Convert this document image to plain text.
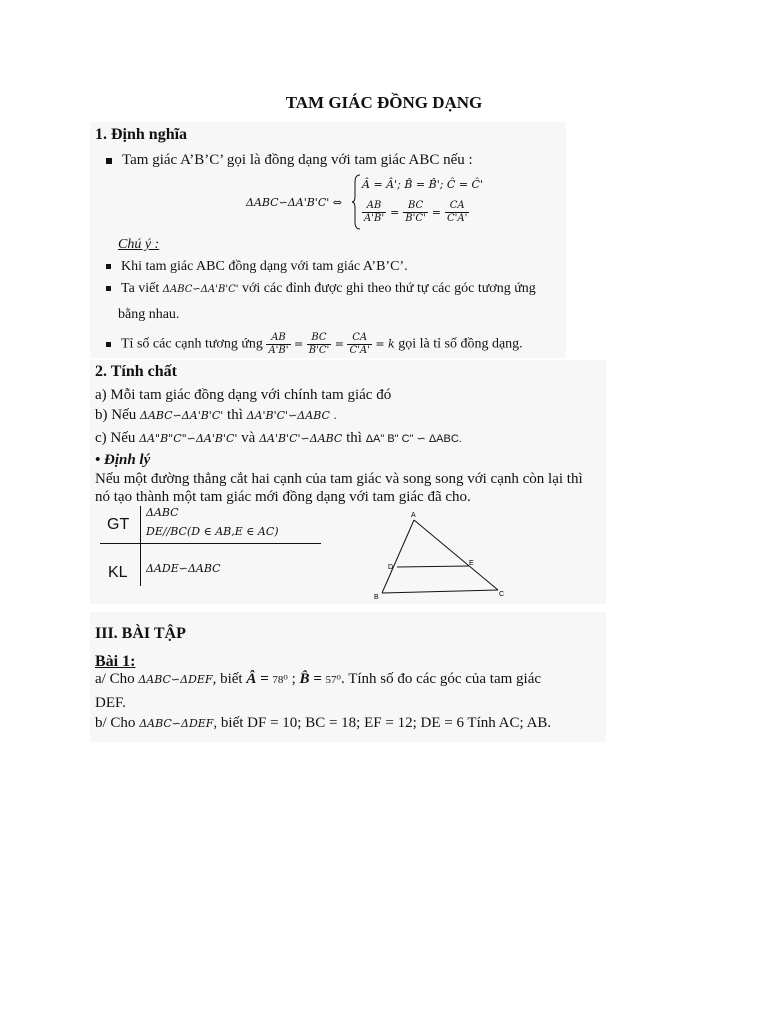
TAM GIÁC ĐỒNG DẠNG
1. Định nghĩa
Tam giác A’B’C’ gọi là đồng dạng với tam giác ABC nếu :
ΔABC∽ΔA'B'C' ⇔
Â = Â'; B̂ = B̂'; Ĉ = Ĉ'
$\frac{AB}{A'B'} = \frac{BC}{B'C'} = \frac{CA}{C'A'}$
Chú ý :
Khi tam giác ABC đồng dạng với tam giác A’B’C’.
Ta viết ΔABC∽ΔA'B'C' với các đỉnh được ghi theo thứ tự các góc tương ứng
bằng nhau.
Tỉ số các cạnh tương ứng $\frac{AB}{A'B'} = \frac{BC}{B'C'} = \frac{CA}{C'A'} = k$ gọi là tỉ số đồng dạng.
2. Tính chất
a) Mỗi tam giác đồng dạng với chính tam giác đó
b) Nếu ΔABC∽ΔA'B'C' thì ΔA'B'C'∽ΔABC .
c) Nếu ΔA"B"C"∽ΔA'B'C' và ΔA'B'C'∽ΔABC thì ΔA" B" C" ∽ ΔABC.
• Định lý
Nếu một đường thẳng cắt hai cạnh của tam giác và song song với cạnh còn lại thì
nó tạo thành một tam giác mới đồng dạng với tam giác đã cho.
GT
ΔABC
DE//BC(D ∈ AB,E ∈ AC)
KL ΔADE∽ΔABC
A
B	C
D
E
III. BÀI TẬP
Bài 1:
a/ Cho ΔABC∽ΔDEF, biết Â = 78⁰ ; B̂ = 57⁰. Tính số đo các góc của tam giác
DEF.
b/ Cho ΔABC∽ΔDEF, biết DF = 10; BC = 18; EF = 12; DE = 6 Tính AC; AB.
